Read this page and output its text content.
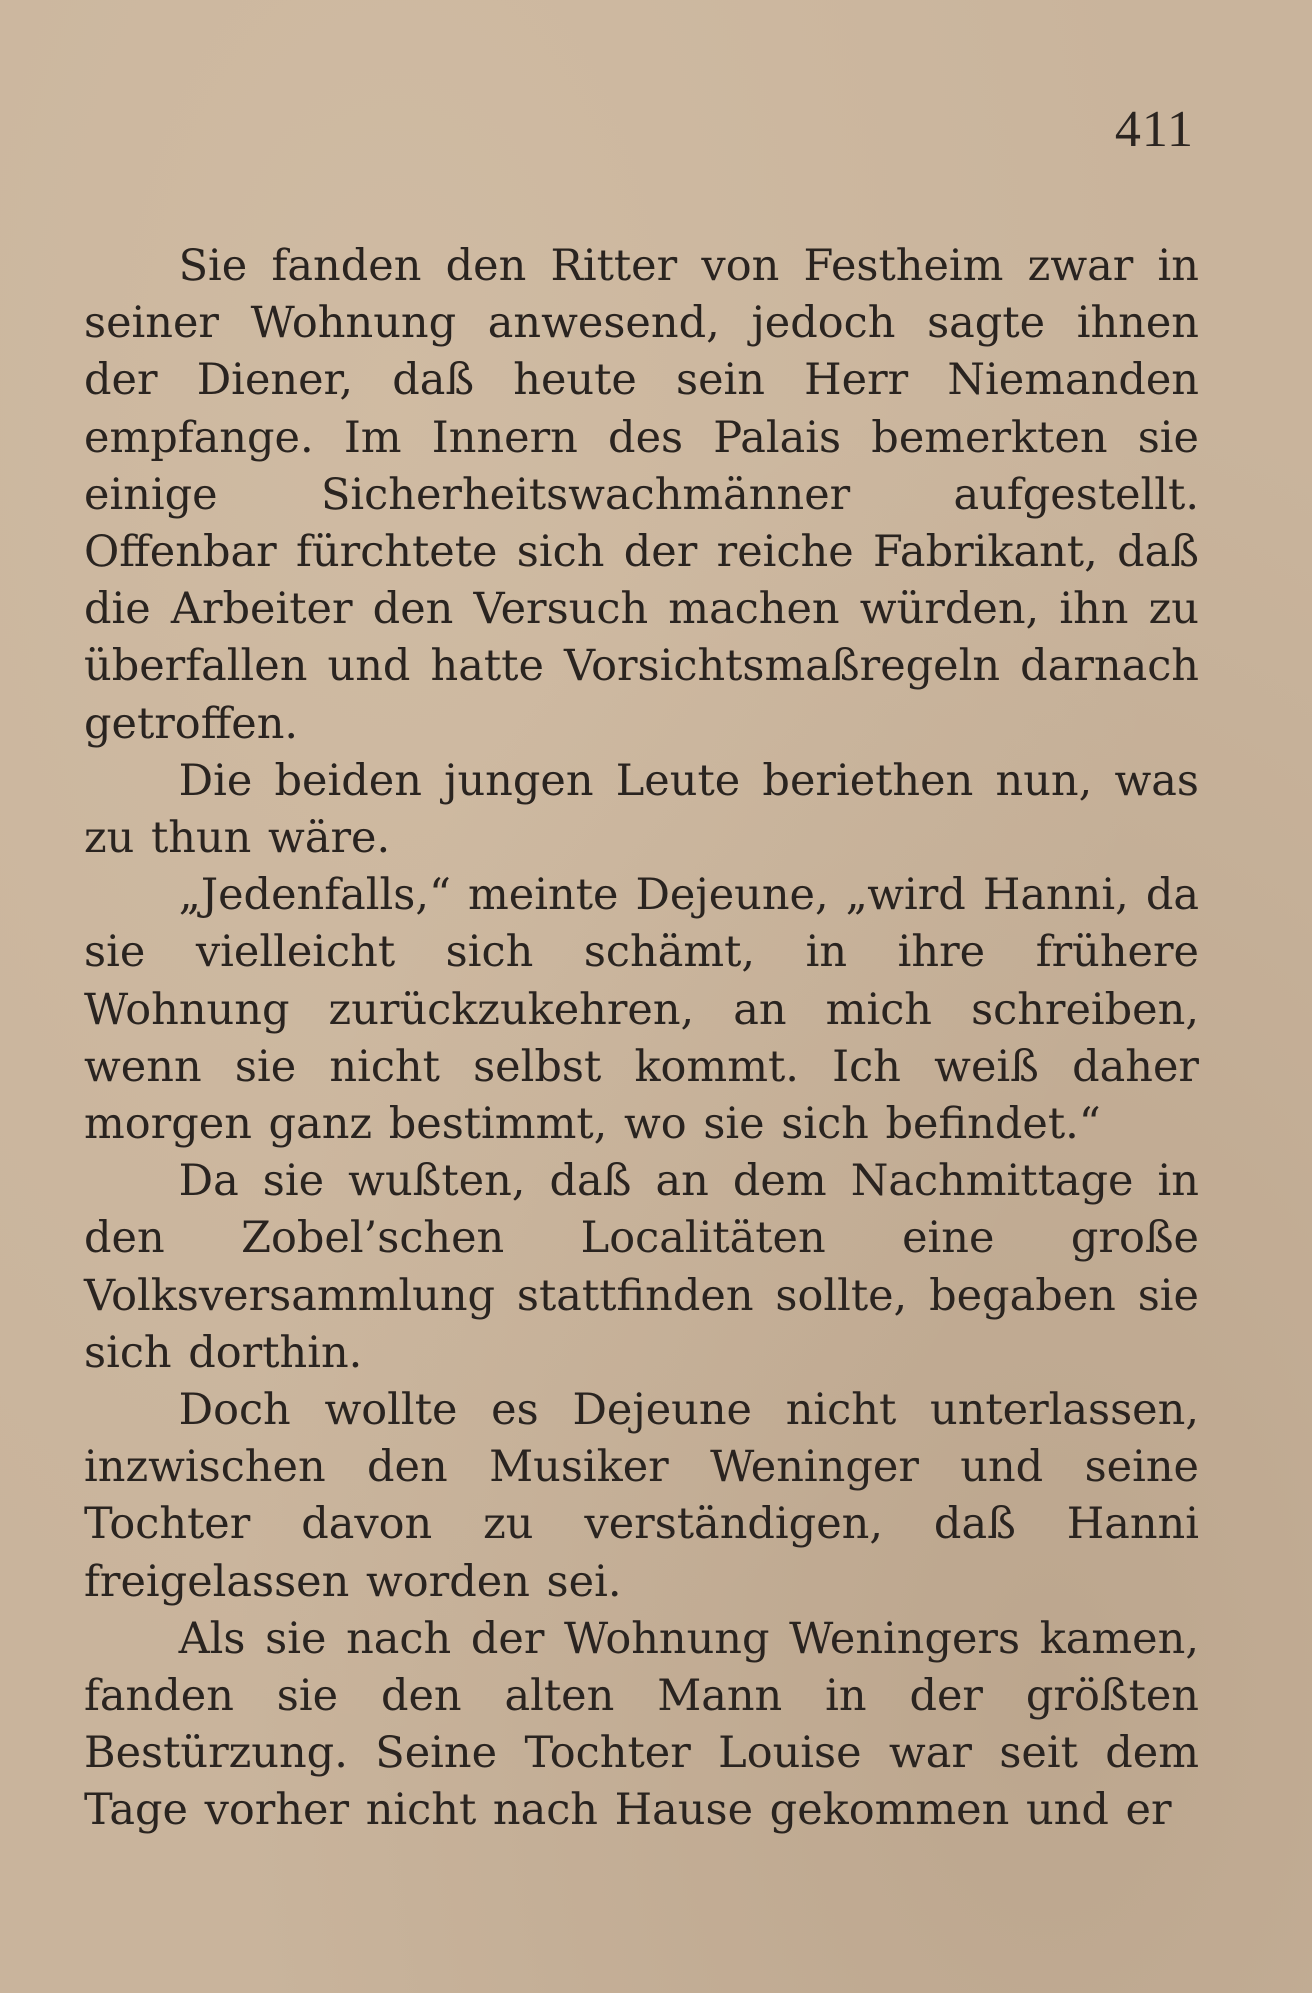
411

Sie fanden den Ritter von Festheim zwar in seiner Wohnung anwesend, jedoch sagte ihnen der Diener, daß heute sein Herr Niemanden empfange. Im Innern des Palais bemerkten sie einige Sicherheitswachmänner aufgestellt. Offenbar fürchtete sich der reiche Fabrikant, daß die Arbeiter den Versuch machen würden, ihn zu überfallen und hatte Vorsichtsmaßregeln darnach getroffen.

Die beiden jungen Leute beriethen nun, was zu thun wäre.

„Jedenfalls,“ meinte Dejeune, „wird Hanni, da sie vielleicht sich schämt, in ihre frühere Wohnung zurückzukehren, an mich schreiben, wenn sie nicht selbst kommt. Ich weiß daher morgen ganz bestimmt, wo sie sich befindet.“

Da sie wußten, daß an dem Nachmittage in den Zobel’schen Localitäten eine große Volksversammlung stattfinden sollte, begaben sie sich dorthin.

Doch wollte es Dejeune nicht unterlassen, inzwischen den Musiker Weninger und seine Tochter davon zu verständigen, daß Hanni freigelassen worden sei.

Als sie nach der Wohnung Weningers kamen, fanden sie den alten Mann in der größten Bestürzung. Seine Tochter Louise war seit dem Tage vorher nicht nach Hause gekommen und er
